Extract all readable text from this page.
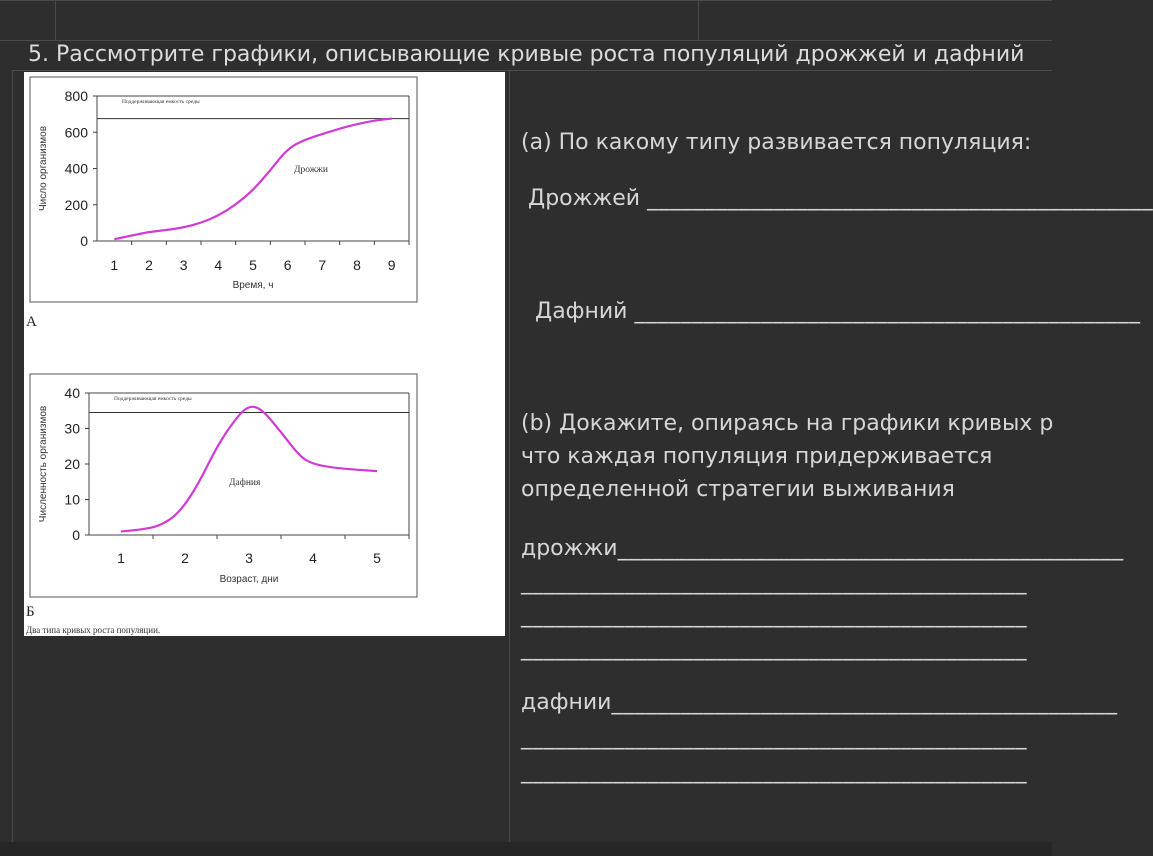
5. Рассмотрите графики, описывающие кривые роста популяций дрожжей и дафний
0
200
400
600
800
1 2 3 4 5 6 7 8 9
Время, ч
Число организмов
Поддерживающая емкость среды
Дрожжи
А
0
10
20
30
40
1	2	3	4	5
Возраст, дни
Численность организмов
Поддерживающая емкость среды
Дафния
Б
Два типа кривых роста популяции.
(a) По какому типу развивается популяция:
Дрожжей ____________________________________________
Дафний ____________________________________________
(b) Докажите, опираясь на графики кривых р
что каждая популяция придерживается
определенной стратегии выживания
дрожжи____________________________________________
____________________________________________
____________________________________________
____________________________________________
дафнии____________________________________________
____________________________________________
____________________________________________
